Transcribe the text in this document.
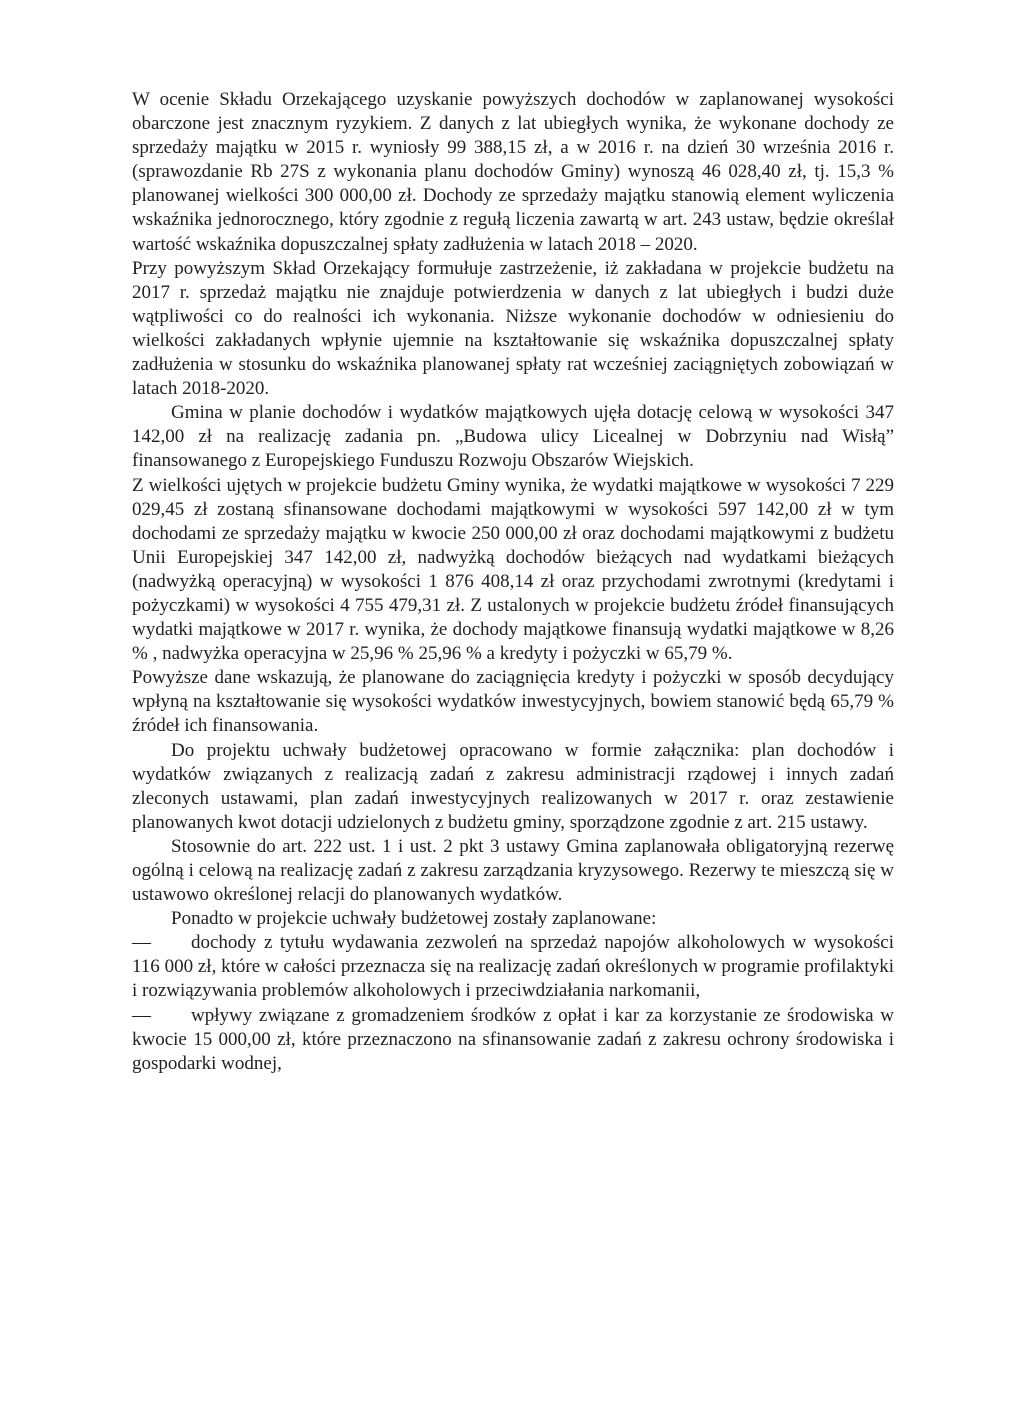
W ocenie Składu Orzekającego uzyskanie powyższych dochodów w zaplanowanej wysokości obarczone jest znacznym ryzykiem. Z danych z lat ubiegłych wynika, że wykonane dochody ze sprzedaży majątku w 2015 r. wyniosły 99 388,15 zł, a w 2016 r. na dzień 30 września 2016 r. (sprawozdanie Rb 27S z wykonania planu dochodów Gminy) wynoszą 46 028,40 zł, tj. 15,3 % planowanej wielkości 300 000,00 zł. Dochody ze sprzedaży majątku stanowią element wyliczenia wskaźnika jednorocznego, który zgodnie z regułą liczenia zawartą w art. 243 ustaw, będzie określał wartość wskaźnika dopuszczalnej spłaty zadłużenia w latach 2018 – 2020.

Przy powyższym Skład Orzekający formułuje zastrzeżenie, iż zakładana w projekcie budżetu na 2017 r. sprzedaż majątku nie znajduje potwierdzenia w danych z lat ubiegłych i budzi duże wątpliwości co do realności ich wykonania. Niższe wykonanie dochodów w odniesieniu do wielkości zakładanych wpłynie ujemnie na kształtowanie się wskaźnika dopuszczalnej spłaty zadłużenia w stosunku do wskaźnika planowanej spłaty rat wcześniej zaciągniętych zobowiązań w latach 2018-2020.

Gmina w planie dochodów i wydatków majątkowych ujęła dotację celową w wysokości 347 142,00 zł na realizację zadania pn. „Budowa ulicy Licealnej w Dobrzyniu nad Wisłą” finansowanego z Europejskiego Funduszu Rozwoju Obszarów Wiejskich.

Z wielkości ujętych w projekcie budżetu Gminy wynika, że wydatki majątkowe w wysokości 7 229 029,45 zł zostaną sfinansowane dochodami majątkowymi w wysokości 597 142,00 zł w tym dochodami ze sprzedaży majątku w kwocie 250 000,00 zł oraz dochodami majątkowymi z budżetu Unii Europejskiej 347 142,00 zł, nadwyżką dochodów bieżących nad wydatkami bieżących (nadwyżką operacyjną) w wysokości 1 876 408,14 zł oraz przychodami zwrotnymi (kredytami i pożyczkami) w wysokości 4 755 479,31 zł. Z ustalonych w projekcie budżetu źródeł finansujących wydatki majątkowe w 2017 r. wynika, że dochody majątkowe finansują wydatki majątkowe w 8,26 % , nadwyżka operacyjna w 25,96 % 25,96 % a kredyty i pożyczki w 65,79 %.

Powyższe dane wskazują, że planowane do zaciągnięcia kredyty i pożyczki w sposób decydujący wpłyną na kształtowanie się wysokości wydatków inwestycyjnych, bowiem stanowić będą 65,79 % źródeł ich finansowania.

Do projektu uchwały budżetowej opracowano w formie załącznika: plan dochodów i wydatków związanych z realizacją zadań z zakresu administracji rządowej i innych zadań zleconych ustawami, plan zadań inwestycyjnych realizowanych w 2017 r. oraz zestawienie planowanych kwot dotacji udzielonych z budżetu gminy, sporządzone zgodnie z art. 215 ustawy.

Stosownie do art. 222 ust. 1 i ust. 2 pkt 3 ustawy Gmina zaplanowała obligatoryjną rezerwę ogólną i celową na realizację zadań z zakresu zarządzania kryzysowego. Rezerwy te mieszczą się w ustawowo określonej relacji do planowanych wydatków.

Ponadto w projekcie uchwały budżetowej zostały zaplanowane:

— dochody z tytułu wydawania zezwoleń na sprzedaż napojów alkoholowych w wysokości 116 000 zł, które w całości przeznacza się na realizację zadań określonych w programie profilaktyki i rozwiązywania problemów alkoholowych i przeciwdziałania narkomanii,

— wpływy związane z gromadzeniem środków z opłat i kar za korzystanie ze środowiska w kwocie 15 000,00 zł, które przeznaczono na sfinansowanie zadań z zakresu ochrony środowiska i gospodarki wodnej,
